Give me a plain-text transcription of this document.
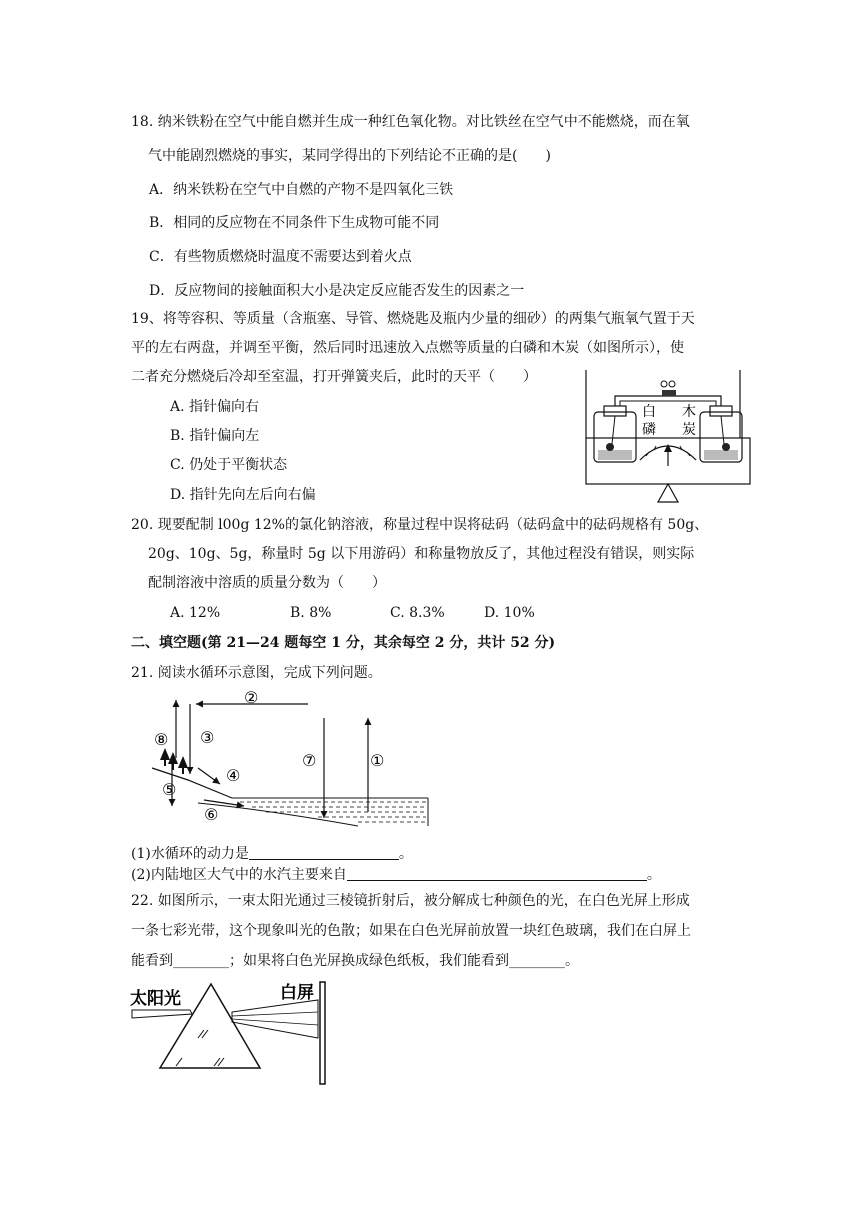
18. 纳米铁粉在空气中能自燃并生成一种红色氧化物。对比铁丝在空气中不能燃烧，而在氧
气中能剧烈燃烧的事实，某同学得出的下列结论不正确的是(　　)
A．纳米铁粉在空气中自燃的产物不是四氧化三铁
B．相同的反应物在不同条件下生成物可能不同
C．有些物质燃烧时温度不需要达到着火点
D．反应物间的接触面积大小是决定反应能否发生的因素之一
19、将等容积、等质量（含瓶塞、导管、燃烧匙及瓶内少量的细砂）的两集气瓶氧气置于天
平的左右两盘，并调至平衡，然后同时迅速放入点燃等质量的白磷和木炭（如图所示），使
二者充分燃烧后冷却至室温，打开弹簧夹后，此时的天平（　　）
A. 指针偏向右
B. 指针偏向左
C. 仍处于平衡状态
D. 指针先向左后向右偏
白
磷
木
炭
20. 现要配制 l00g 12%的氯化钠溶液，称量过程中误将砝码（砝码盒中的砝码规格有 50g、
20g、10g、5g，称量时 5g 以下用游码）和称量物放反了，其他过程没有错误，则实际
配制溶液中溶质的质量分数为（　　）
A. 12%	B. 8%	C. 8.3%	D. 10%
二、填空题(第 21—24 题每空 1 分，其余每空 2 分，共计 52 分)
21. 阅读水循环示意图，完成下列问题。
②
⑧ ③
④
⑤
⑥
⑦	①
(1)水循环的动力是	。
(2)内陆地区大气中的水汽主要来自	。
22. 如图所示，一束太阳光通过三棱镜折射后，被分解成七种颜色的光，在白色光屏上形成
一条七彩光带，这个现象叫光的色散；如果在白色光屏前放置一块红色玻璃，我们在白屏上
能看到________；如果将白色光屏换成绿色纸板，我们能看到________。
太阳光	白屏
